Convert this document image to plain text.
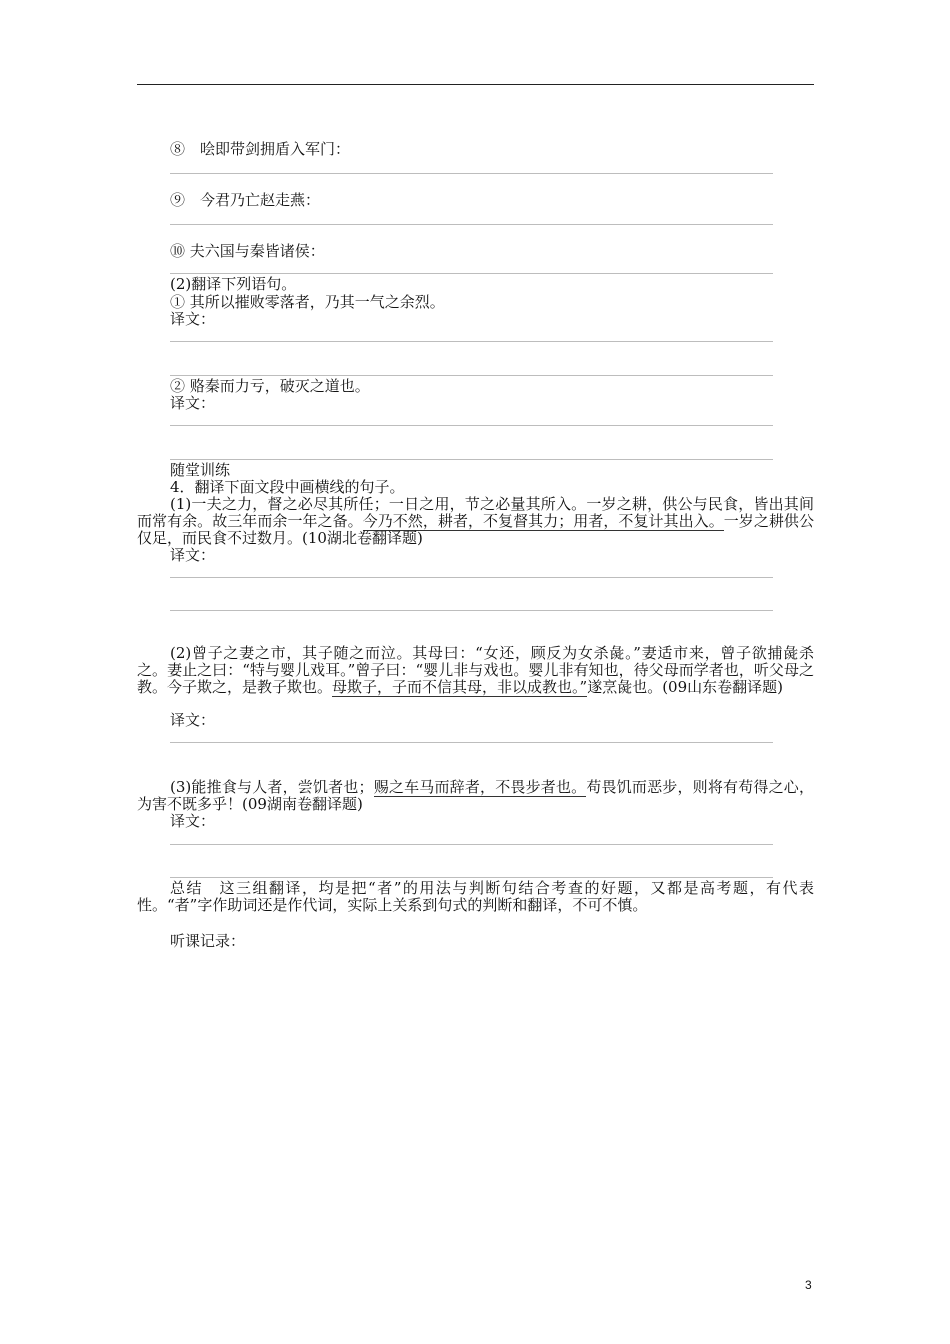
⑧　哙即带剑拥盾入军门：
⑨　今君乃亡赵走燕：
⑩ 夫六国与秦皆诸侯：
(2)翻译下列语句。
① 其所以摧败零落者，乃其一气之余烈。
译文：
② 赂秦而力亏，破灭之道也。
译文：
随堂训练
4．翻译下面文段中画横线的句子。
(1)一夫之力，督之必尽其所任；一日之用，节之必量其所入。一岁之耕，供公与民食，皆出其间而常有余。故三年而余一年之备。今乃不然，耕者，不复督其力；用者，不复计其出入。一岁之耕供公仅足，而民食不过数月。(10湖北卷翻译题)
译文：
(2)曾子之妻之市，其子随之而泣。其母曰：“女还，顾反为女杀彘。”妻适市来，曾子欲捕彘杀之。妻止之曰：“特与婴儿戏耳。”曾子曰：“婴儿非与戏也。婴儿非有知也，待父母而学者也，听父母之教。今子欺之，是教子欺也。母欺子，子而不信其母，非以成教也。”遂烹彘也。(09山东卷翻译题)
译文：
(3)能推食与人者，尝饥者也；赐之车马而辞者，不畏步者也。苟畏饥而恶步，则将有苟得之心，为害不既多乎！(09湖南卷翻译题)
译文：
总结　这三组翻译，均是把“者”的用法与判断句结合考查的好题，又都是高考题，有代表性。“者”字作助词还是作代词，实际上关系到句式的判断和翻译，不可不慎。
听课记录：
3
